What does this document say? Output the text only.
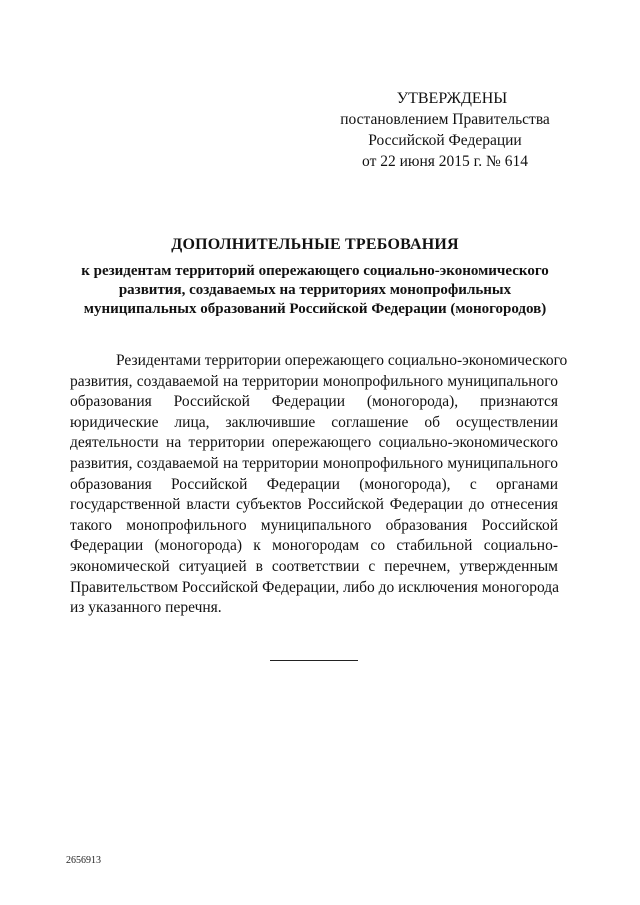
УТВЕРЖДЕНЫ
постановлением Правительства
Российской Федерации
от 22 июня 2015 г. № 614
ДОПОЛНИТЕЛЬНЫЕ ТРЕБОВАНИЯ
к резидентам территорий опережающего социально-экономического
развития, создаваемых на территориях монопрофильных
муниципальных образований Российской Федерации (моногородов)
Резидентами территории опережающего социально-экономического
развития, создаваемой на территории монопрофильного муниципального
образования Российской Федерации (моногорода), признаются
юридические лица, заключившие соглашение об осуществлении
деятельности на территории опережающего социально-экономического
развития, создаваемой на территории монопрофильного муниципального
образования Российской Федерации (моногорода), с органами
государственной власти субъектов Российской Федерации до отнесения
такого монопрофильного муниципального образования Российской
Федерации (моногорода) к моногородам со стабильной социально-
экономической ситуацией в соответствии с перечнем, утвержденным
Правительством Российской Федерации, либо до исключения моногорода
из указанного перечня.
2656913
